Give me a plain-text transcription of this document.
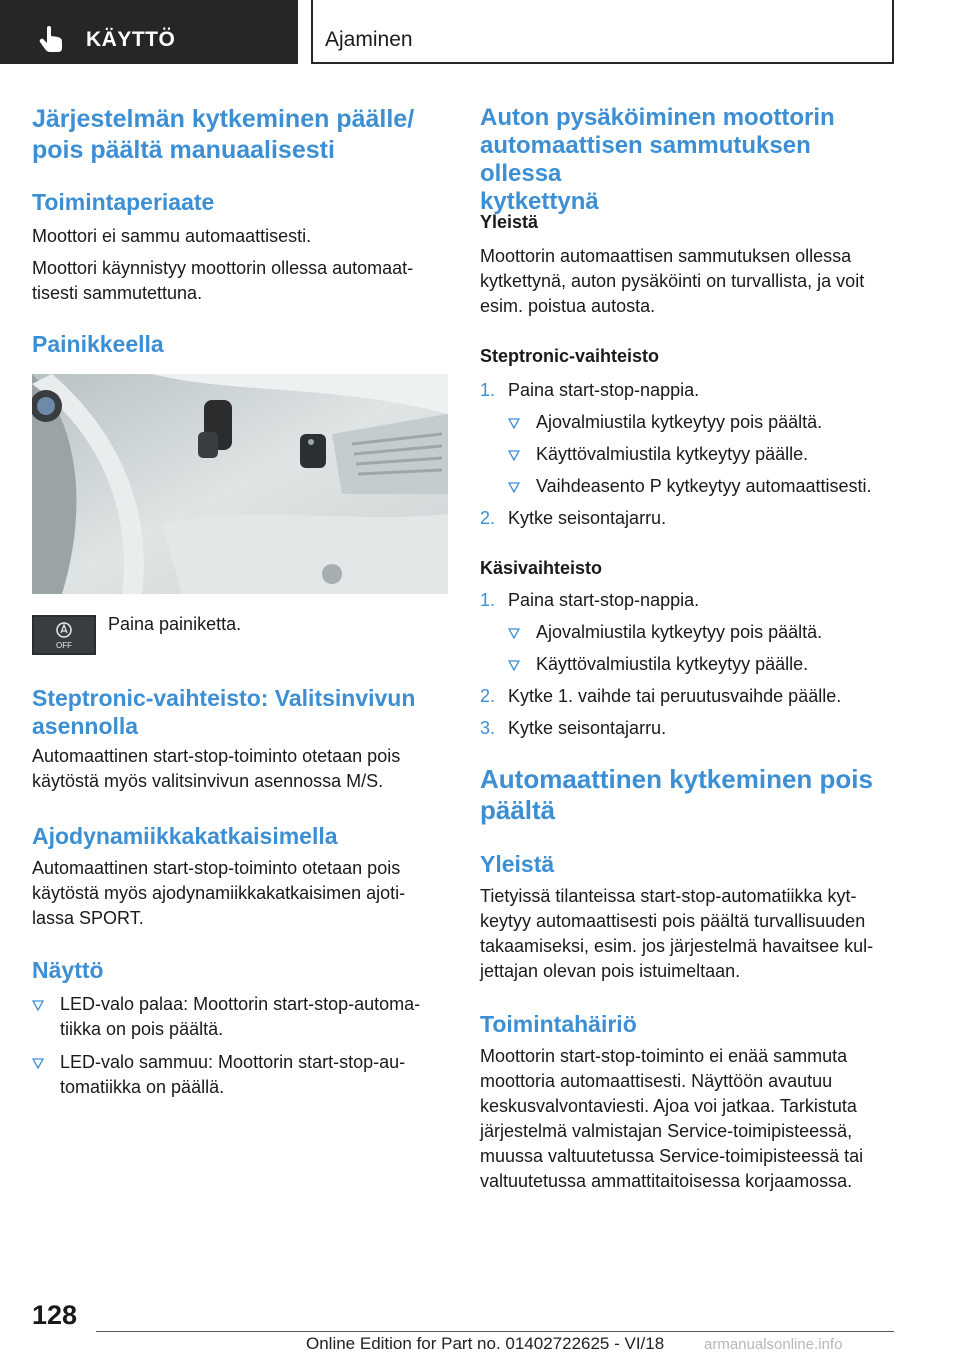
KÄYTTÖ	Ajaminen
Järjestelmän kytkeminen päälle/
pois päältä manuaalisesti
Toimintaperiaate

Moottori ei sammu automaattisesti.

Moottori käynnistyy moottorin ollessa automaat-
tisesti sammutettuna.

Painikkeella
OFF

Paina painiketta.

Steptronic-vaihteisto: Valitsinvivun
asennolla

Automaattinen start-stop-toiminto otetaan pois
käytöstä myös valitsinvivun asennossa M/S.

Ajodynamiikkakatkaisimella

Automaattinen start-stop-toiminto otetaan pois
käytöstä myös ajodynamiikkakatkaisimen ajoti-
lassa SPORT.

Näyttö
LED-valo palaa: Moottorin start-stop-automa-
tiikka on pois päältä.
LED-valo sammuu: Moottorin start-stop-au-
tomatiikka on päällä.
Auton pysäköiminen moottorin
automaattisen sammutuksen ollessa
kytkettynä
Yleistä

Moottorin automaattisen sammutuksen ollessa
kytkettynä, auton pysäköinti on turvallista, ja voit
esim. poistua autosta.

Steptronic-vaihteisto
1. Paina start-stop-nappia.
Ajovalmiustila kytkeytyy pois päältä.
Käyttövalmiustila kytkeytyy päälle.
Vaihdeasento P kytkeytyy automaattisesti.
2. Kytke seisontajarru.
Käsivaihteisto
1. Paina start-stop-nappia.
Ajovalmiustila kytkeytyy pois päältä.
Käyttövalmiustila kytkeytyy päälle.
2. Kytke 1. vaihde tai peruutusvaihde päälle.
3. Kytke seisontajarru.
Automaattinen kytkeminen pois
päältä
Yleistä

Tietyissä tilanteissa start-stop-automatiikka kyt-
keytyy automaattisesti pois päältä turvallisuuden
takaamiseksi, esim. jos järjestelmä havaitsee kul-
jettajan olevan pois istuimeltaan.

Toimintahäiriö

Moottorin start-stop-toiminto ei enää sammuta
moottoria automaattisesti. Näyttöön avautuu
keskusvalvontaviesti. Ajoa voi jatkaa. Tarkistuta
järjestelmä valmistajan Service-toimipisteessä,
muussa valtuutetussa Service-toimipisteessä tai
valtuutetussa ammattitaitoisessa korjaamossa.

128
Online Edition for Part no. 01402722625 - VI/18	armanualsonline.info
